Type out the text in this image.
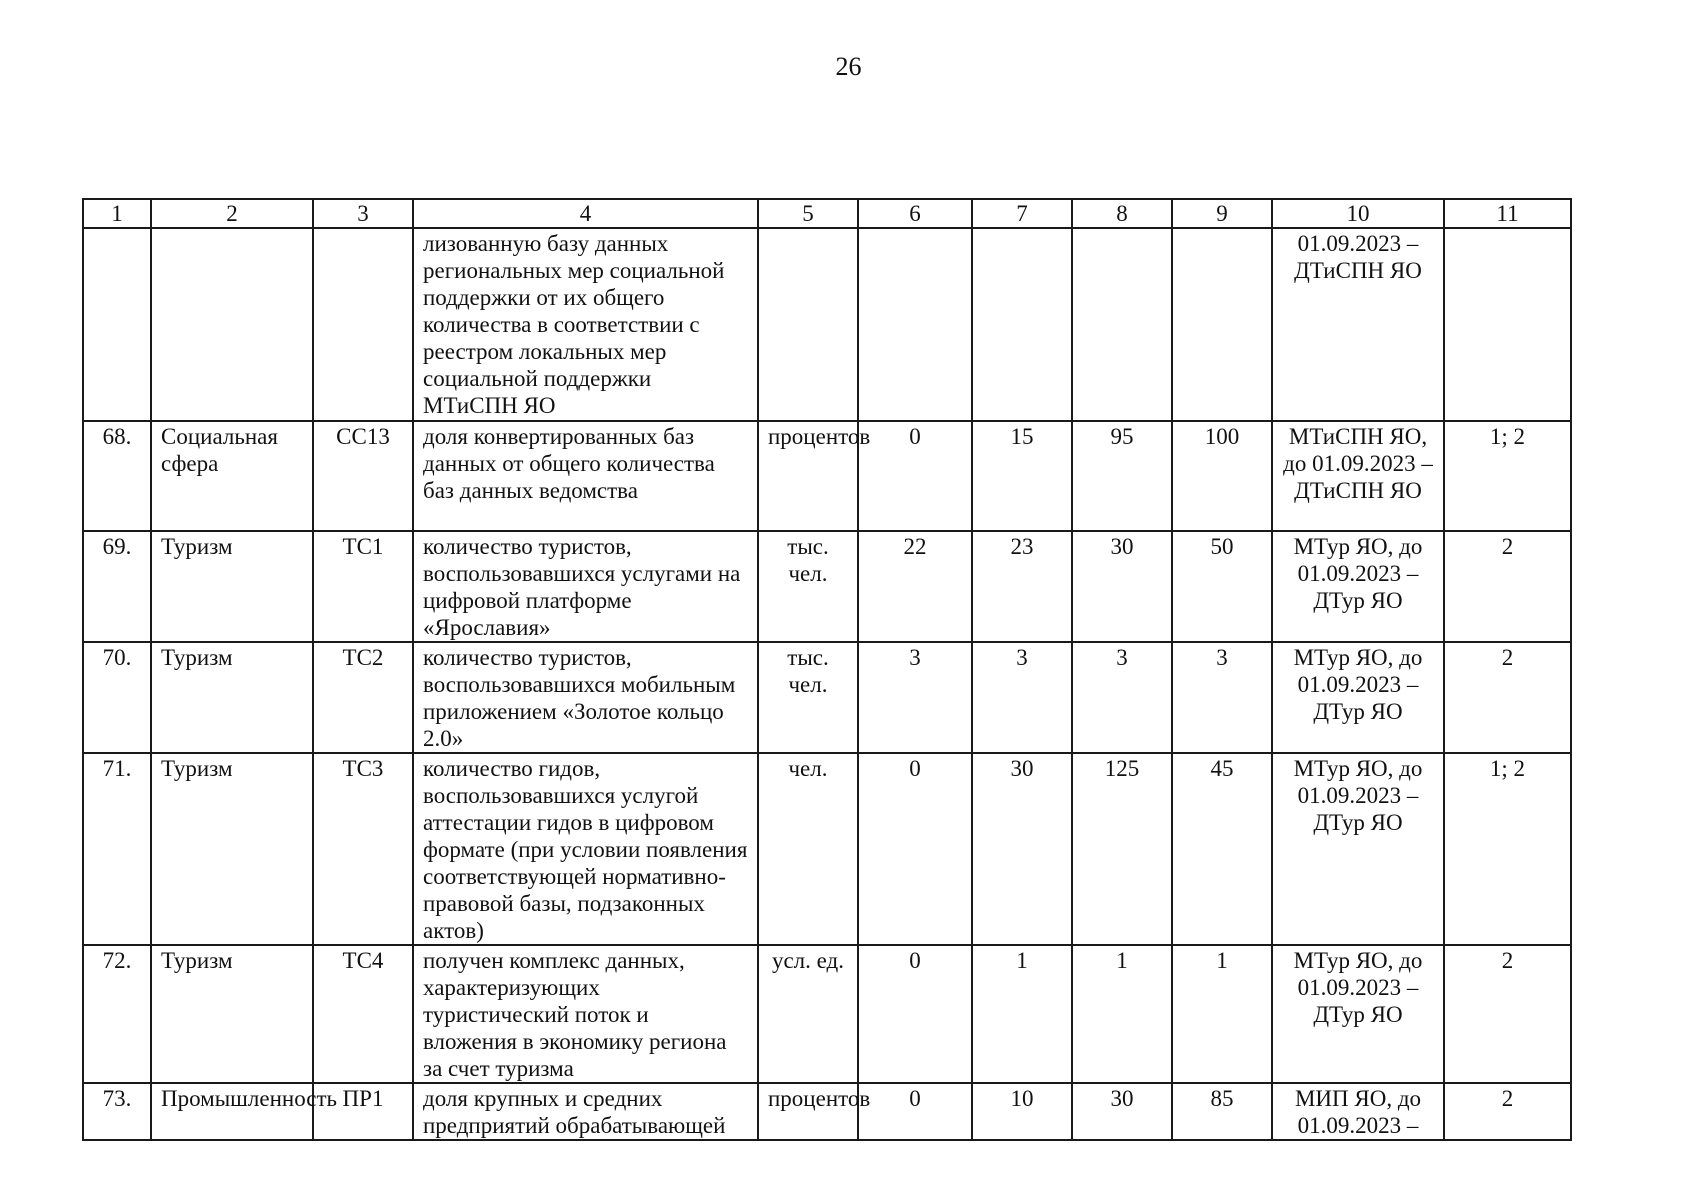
26
1	2	3	4	5	6	7	8	9	10	11
			лизованную базу данных региональных мер социальной поддержки от их общего количества в соответствии с реестром локальных мер социальной поддержки МТиСПН ЯО						01.09.2023 – ДТиСПН ЯО	
68.	Социальная сфера	СС13	доля конвертированных баз данных от общего количества баз данных ведомства	процентов	0	15	95	100	МТиСПН ЯО, до 01.09.2023 – ДТиСПН ЯО	1; 2
69.	Туризм	ТС1	количество туристов, воспользовавшихся услугами на цифровой платформе «Ярославия»	тыс. чел.	22	23	30	50	МТур ЯО, до 01.09.2023 – ДТур ЯО	2
70.	Туризм	ТС2	количество туристов, воспользовавшихся мобильным приложением «Золотое кольцо 2.0»	тыс. чел.	3	3	3	3	МТур ЯО, до 01.09.2023 – ДТур ЯО	2
71.	Туризм	ТС3	количество гидов, воспользовавшихся услугой аттестации гидов в цифровом формате (при условии появления соответствующей нормативно-правовой базы, подзаконных актов)	чел.	0	30	125	45	МТур ЯО, до 01.09.2023 – ДТур ЯО	1; 2
72.	Туризм	ТС4	получен комплекс данных, характеризующих туристический поток и вложения в экономику региона за счет туризма	усл. ед.	0	1	1	1	МТур ЯО, до 01.09.2023 – ДТур ЯО	2
73.	Промышленность	ПР1	доля крупных и средних предприятий обрабатывающей	процентов	0	10	30	85	МИП ЯО, до 01.09.2023 –	2
